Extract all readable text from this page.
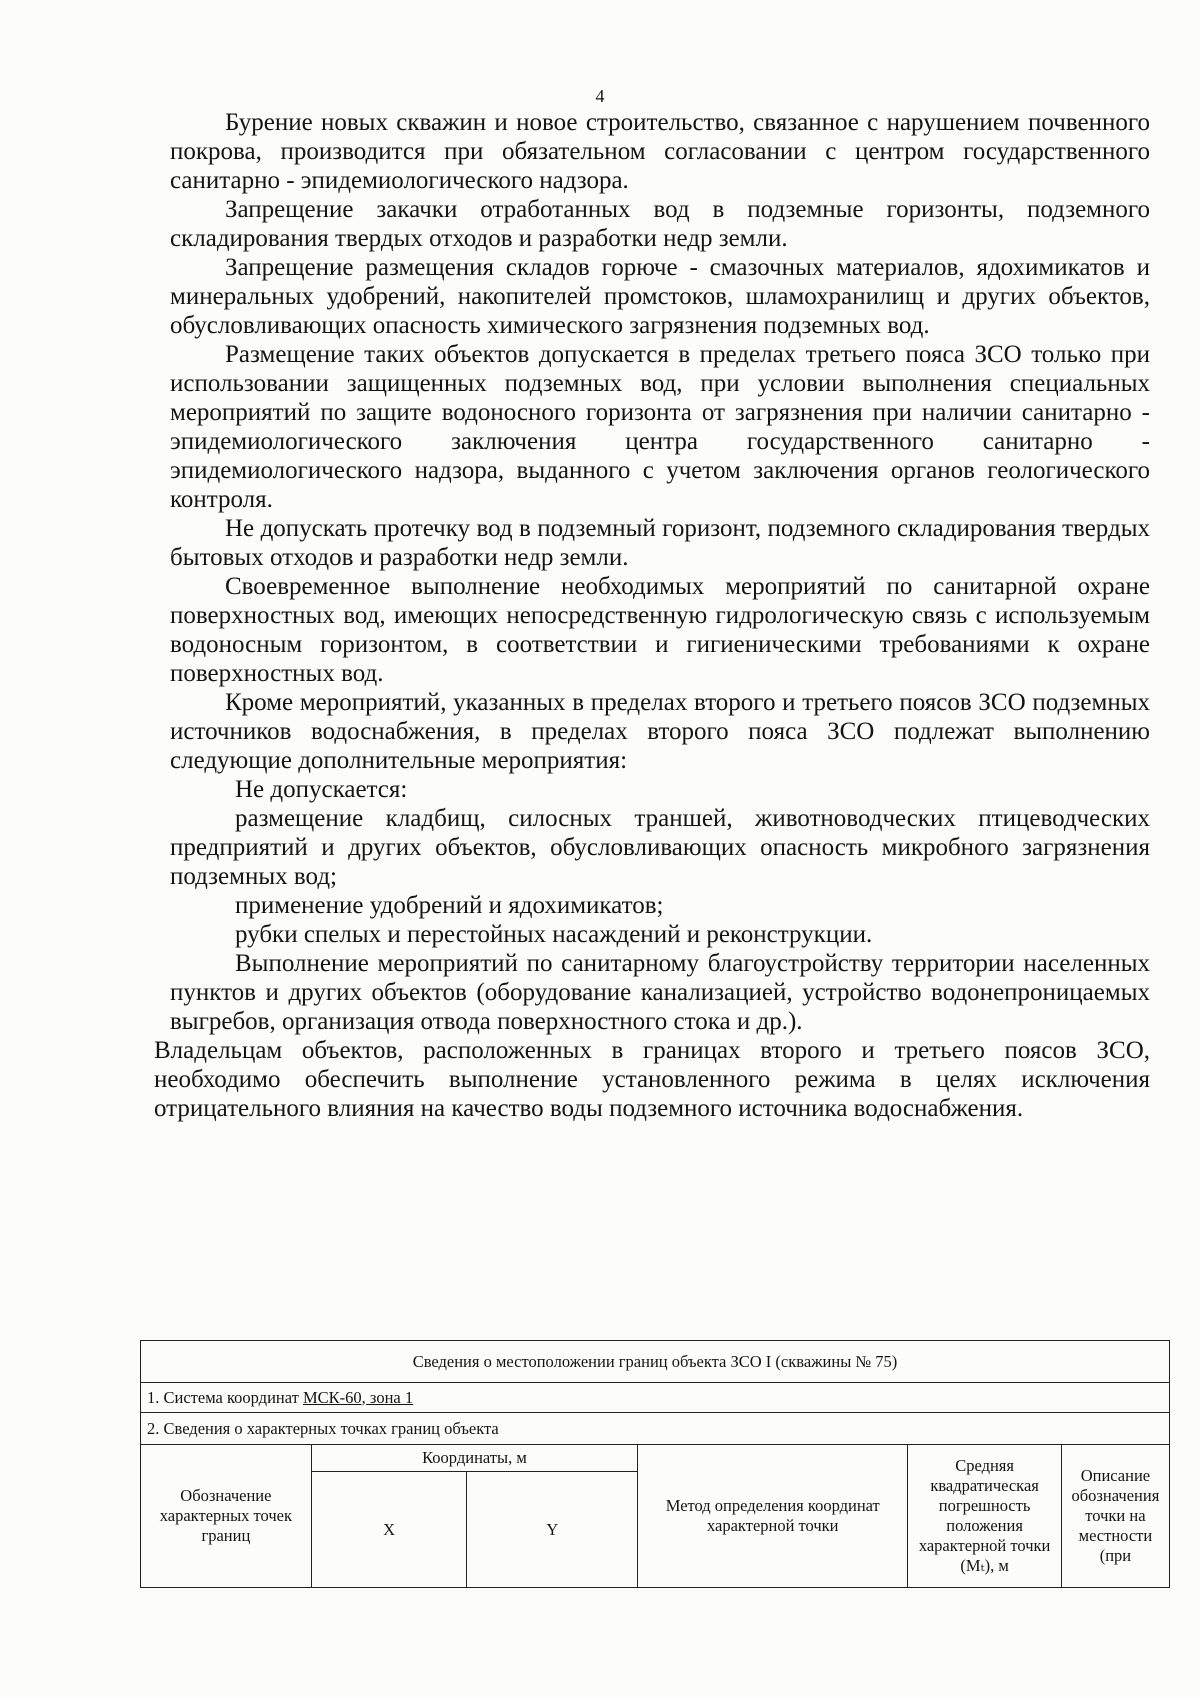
4

Бурение новых скважин и новое строительство, связанное с нарушением почвенного покрова, производится при обязательном согласовании с центром государственного санитарно - эпидемиологического надзора.

Запрещение закачки отработанных вод в подземные горизонты, подземного складирования твердых отходов и разработки недр земли.

Запрещение размещения складов горюче - смазочных материалов, ядохимикатов и минеральных удобрений, накопителей промстоков, шламохранилищ и других объектов, обусловливающих опасность химического загрязнения подземных вод.

Размещение таких объектов допускается в пределах третьего пояса ЗСО только при использовании защищенных подземных вод, при условии выполнения специальных мероприятий по защите водоносного горизонта от загрязнения при наличии санитарно - эпидемиологического заключения центра государственного санитарно - эпидемиологического надзора, выданного с учетом заключения органов геологического контроля.

Не допускать протечку вод в подземный горизонт, подземного складирования твердых бытовых отходов и разработки недр земли.

Своевременное выполнение необходимых мероприятий по санитарной охране поверхностных вод, имеющих непосредственную гидрологическую связь с используемым водоносным горизонтом, в соответствии и гигиеническими требованиями к охране поверхностных вод.

Кроме мероприятий, указанных в пределах второго и третьего поясов ЗСО подземных источников водоснабжения, в пределах второго пояса ЗСО подлежат выполнению следующие дополнительные мероприятия:

Не допускается:

размещение кладбищ, силосных траншей, животноводческих птицеводческих предприятий и других объектов, обусловливающих опасность микробного загрязнения подземных вод;

применение удобрений и ядохимикатов;

рубки спелых и перестойных насаждений и реконструкции.

Выполнение мероприятий по санитарному благоустройству территории населенных пунктов и других объектов (оборудование канализацией, устройство водонепроницаемых выгребов, организация отвода поверхностного стока и др.).

Владельцам объектов, расположенных в границах второго и третьего поясов ЗСО, необходимо обеспечить выполнение установленного режима в целях исключения отрицательного влияния на качество воды подземного источника водоснабжения.

Сведения о местоположении границ объекта ЗСО I (скважины № 75)					
1. Система координат МСК-60, зона 1					
2. Сведения о характерных точках границ объекта					
Обозначение характерных точек границ	Координаты, м		Метод определения координат характерной точки	Средняя квадратическая погрешность положения характерной точки (Mₜ), м	Описание обозначения точки на местности (при
	X	Y			
